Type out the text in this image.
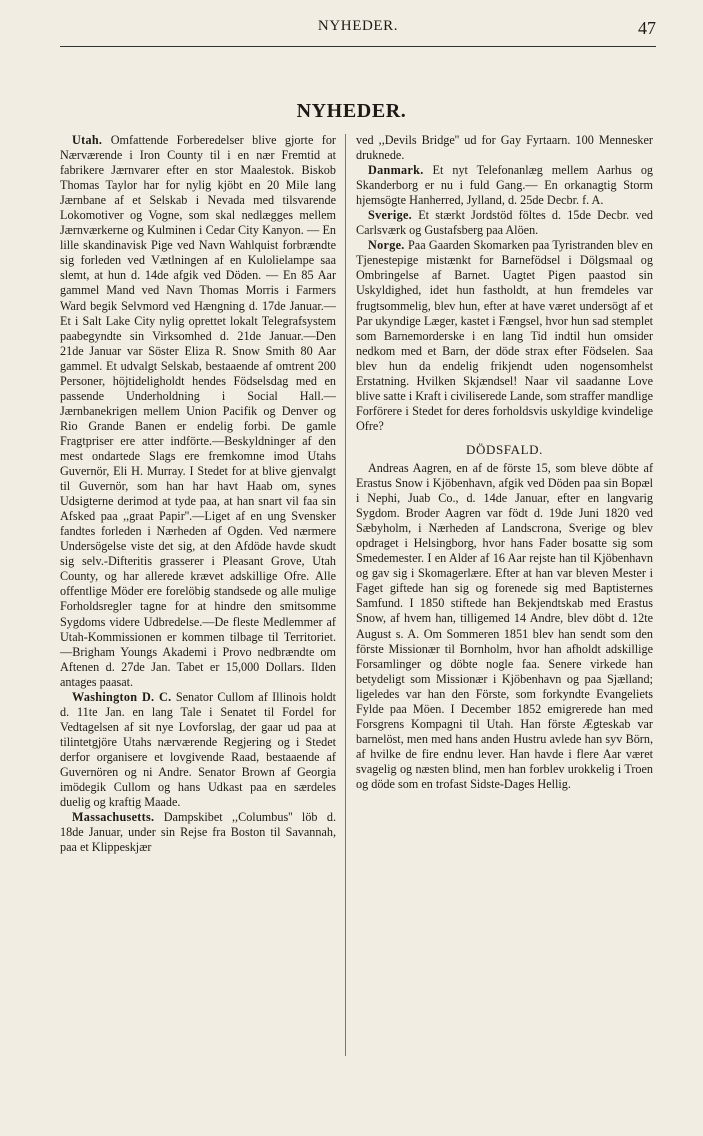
NYHEDER.	47
NYHEDER.

Utah. Omfattende Forberedelser blive gjorte for Nærværende i Iron County til i en nær Fremtid at fabrikere Jærnvarer efter en stor Maalestok. Biskob Thomas Taylor har for nylig kjöbt en 20 Mile lang Jærnbane af et Selskab i Nevada med tilsvarende Lokomotiver og Vogne, som skal nedlægges mellem Jærnværkerne og Kulminen i Cedar City Kanyon. — En lille skandinavisk Pige ved Navn Wahlquist forbrændte sig forleden ved Vætlningen af en Kulolielampe saa slemt, at hun d. 14de afgik ved Döden. — En 85 Aar gammel Mand ved Navn Thomas Morris i Farmers Ward begik Selvmord ved Hængning d. 17de Januar.—Et i Salt Lake City nylig oprettet lokalt Telegrafsystem paabegyndte sin Virksomhed d. 21de Januar.—Den 21de Januar var Söster Eliza R. Snow Smith 80 Aar gammel. Et udvalgt Selskab, bestaaende af omtrent 200 Personer, höjtideligholdt hendes Födselsdag med en passende Underholdning i Social Hall.—Jærnbanekrigen mellem Union Pacifik og Denver og Rio Grande Banen er endelig forbi. De gamle Fragtpriser ere atter indförte.—Beskyldninger af den mest ondartede Slags ere fremkomne imod Utahs Guvernör, Eli H. Murray. I Stedet for at blive gjenvalgt til Guvernör, som han har havt Haab om, synes Udsigterne derimod at tyde paa, at han snart vil faa sin Afsked paa ,,graat Papir''.—Liget af en ung Svensker fandtes forleden i Nærheden af Ogden. Ved nærmere Undersögelse viste det sig, at den Afdöde havde skudt sig selv.-Difteritis grasserer i Pleasant Grove, Utah County, og har allerede krævet adskillige Ofre. Alle offentlige Möder ere forelöbig standsede og alle mulige Forholdsregler tagne for at hindre den smitsomme Sygdoms videre Udbredelse.—De fleste Medlemmer af Utah-Kommissionen er kommen tilbage til Territoriet.—Brigham Youngs Akademi i Provo nedbrændte om Aftenen d. 27de Jan. Tabet er 15,000 Dollars. Ilden antages paasat.

Washington D. C. Senator Cullom af Illinois holdt d. 11te Jan. en lang Tale i Senatet til Fordel for Vedtagelsen af sit nye Lovforslag, der gaar ud paa at tilintetgjöre Utahs nærværende Regjering og i Stedet derfor organisere et lovgivende Raad, bestaaende af Guvernören og ni Andre. Senator Brown af Georgia imödegik Cullom og hans Udkast paa en særdeles duelig og kraftig Maade.

Massachusetts. Dampskibet ,,Columbus'' löb d. 18de Januar, under sin Rejse fra Boston til Savannah, paa et Klippeskjær

ved ,,Devils Bridge'' ud for Gay Fyrtaarn. 100 Mennesker druknede.

Danmark. Et nyt Telefonanlæg mellem Aarhus og Skanderborg er nu i fuld Gang.— En orkanagtig Storm hjemsögte Hanherred, Jylland, d. 25de Decbr. f. A.

Sverige. Et stærkt Jordstöd föltes d. 15de Decbr. ved Carlsværk og Gustafsberg paa Alöen.

Norge. Paa Gaarden Skomarken paa Tyristranden blev en Tjenestepige mistænkt for Barnefödsel i Dölgsmaal og Ombringelse af Barnet. Uagtet Pigen paastod sin Uskyldighed, idet hun fastholdt, at hun fremdeles var frugtsommelig, blev hun, efter at have været undersögt af et Par ukyndige Læger, kastet i Fængsel, hvor hun sad stemplet som Barnemorderske i en lang Tid indtil hun omsider nedkom med et Barn, der döde strax efter Födselen. Saa blev hun da endelig frikjendt uden nogensomhelst Erstatning. Hvilken Skjændsel! Naar vil saadanne Love blive satte i Kraft i civiliserede Lande, som straffer mandlige Forförere i Stedet for deres forholdsvis uskyldige kvindelige Ofre?

DÖDSFALD.

Andreas Aagren, en af de förste 15, som bleve döbte af Erastus Snow i Kjöbenhavn, afgik ved Döden paa sin Bopæl i Nephi, Juab Co., d. 14de Januar, efter en langvarig Sygdom. Broder Aagren var födt d. 19de Juni 1820 ved Sæbyholm, i Nærheden af Landscrona, Sverige og blev opdraget i Helsingborg, hvor hans Fader bosatte sig som Smedemester. I en Alder af 16 Aar rejste han til Kjöbenhavn og gav sig i Skomagerlære. Efter at han var bleven Mester i Faget giftede han sig og forenede sig med Baptisternes Samfund. I 1850 stiftede han Bekjendtskab med Erastus Snow, af hvem han, tilligemed 14 Andre, blev döbt d. 12te August s. A. Om Sommeren 1851 blev han sendt som den förste Missionær til Bornholm, hvor han afholdt adskillige Forsamlinger og döbte nogle faa. Senere virkede han betydeligt som Missionær i Kjöbenhavn og paa Sjælland; ligeledes var han den Förste, som forkyndte Evangeliets Fylde paa Möen. I December 1852 emigrerede han med Forsgrens Kompagni til Utah. Han förste Ægteskab var barnelöst, men med hans anden Hustru avlede han syv Börn, af hvilke de fire endnu lever. Han havde i flere Aar været svagelig og næsten blind, men han forblev urokkelig i Troen og döde som en trofast Sidste-Dages Hellig.
